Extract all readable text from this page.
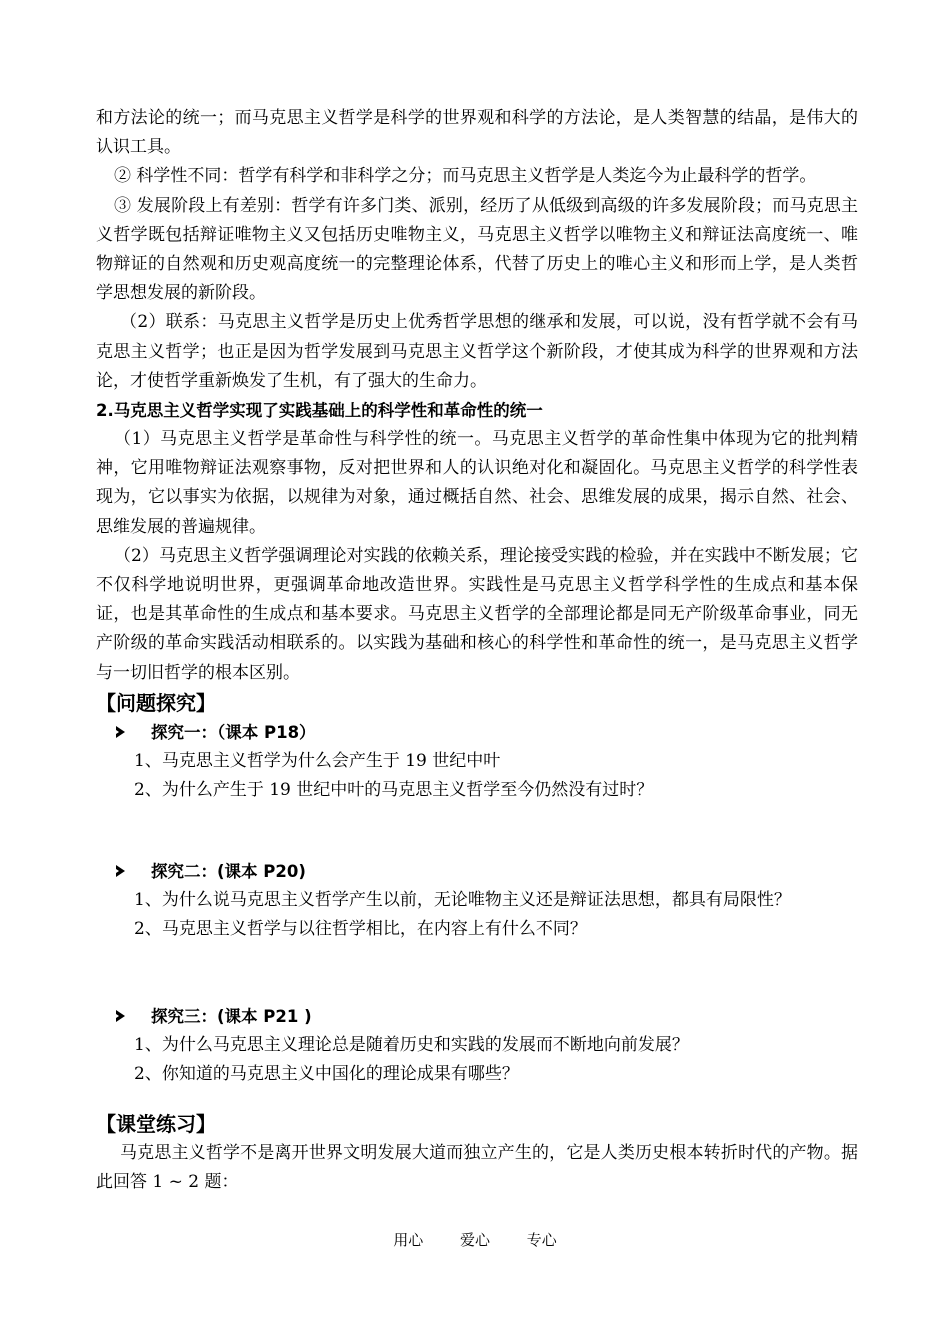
和方法论的统一；而马克思主义哲学是科学的世界观和科学的方法论，是人类智慧的结晶，是伟大的认识工具。

② 科学性不同：哲学有科学和非科学之分；而马克思主义哲学是人类迄今为止最科学的哲学。

③ 发展阶段上有差别：哲学有许多门类、派别，经历了从低级到高级的许多发展阶段；而马克思主义哲学既包括辩证唯物主义又包括历史唯物主义，马克思主义哲学以唯物主义和辩证法高度统一、唯物辩证的自然观和历史观高度统一的完整理论体系，代替了历史上的唯心主义和形而上学，是人类哲学思想发展的新阶段。

（2）联系：马克思主义哲学是历史上优秀哲学思想的继承和发展，可以说，没有哲学就不会有马克思主义哲学；也正是因为哲学发展到马克思主义哲学这个新阶段，才使其成为科学的世界观和方法论，才使哲学重新焕发了生机，有了强大的生命力。

2.马克思主义哲学实现了实践基础上的科学性和革命性的统一

（1）马克思主义哲学是革命性与科学性的统一。马克思主义哲学的革命性集中体现为它的批判精神，它用唯物辩证法观察事物，反对把世界和人的认识绝对化和凝固化。马克思主义哲学的科学性表现为，它以事实为依据，以规律为对象，通过概括自然、社会、思维发展的成果，揭示自然、社会、思维发展的普遍规律。

（2）马克思主义哲学强调理论对实践的依赖关系，理论接受实践的检验，并在实践中不断发展；它不仅科学地说明世界，更强调革命地改造世界。实践性是马克思主义哲学科学性的生成点和基本保证，也是其革命性的生成点和基本要求。马克思主义哲学的全部理论都是同无产阶级革命事业，同无产阶级的革命实践活动相联系的。以实践为基础和核心的科学性和革命性的统一，是马克思主义哲学与一切旧哲学的根本区别。

【问题探究】

探究一：（课本 P18）

1、马克思主义哲学为什么会产生于 19 世纪中叶

2、为什么产生于 19 世纪中叶的马克思主义哲学至今仍然没有过时？

探究二：(课本 P20)

1、为什么说马克思主义哲学产生以前，无论唯物主义还是辩证法思想，都具有局限性？

2、马克思主义哲学与以往哲学相比，在内容上有什么不同？

探究三：(课本 P21 )

1、为什么马克思主义理论总是随着历史和实践的发展而不断地向前发展？

2、你知道的马克思主义中国化的理论成果有哪些？

【课堂练习】

马克思主义哲学不是离开世界文明发展大道而独立产生的，它是人类历史根本转折时代的产物。据此回答 1 ~ 2 题：

用心 爱心 专心
